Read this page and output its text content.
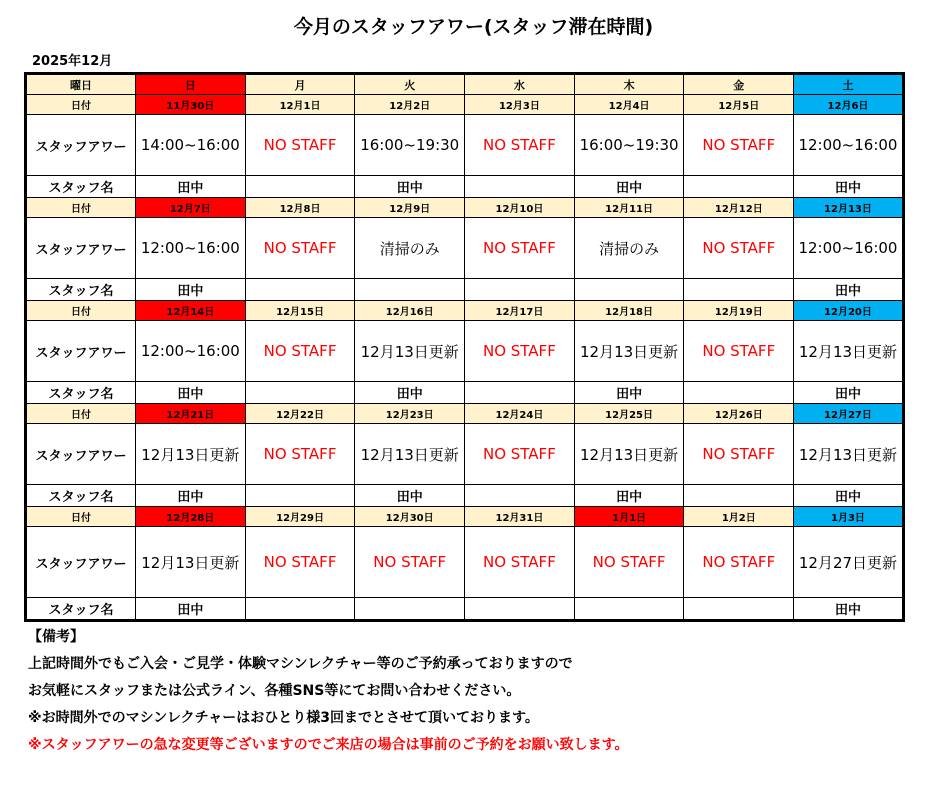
今月のスタッフアワー(スタッフ滞在時間)
2025年12月
曜日	日	月	火	水	木	金	土
日付	11月30日	12月1日	12月2日	12月3日	12月4日	12月5日	12月6日
スタッフアワー	14:00~16:00	NO STAFF	16:00~19:30	NO STAFF	16:00~19:30	NO STAFF	12:00~16:00
スタッフ名	田中		田中		田中		田中
日付	12月7日	12月8日	12月9日	12月10日	12月11日	12月12日	12月13日
スタッフアワー	12:00~16:00	NO STAFF	清掃のみ	NO STAFF	清掃のみ	NO STAFF	12:00~16:00
スタッフ名	田中						田中
日付	12月14日	12月15日	12月16日	12月17日	12月18日	12月19日	12月20日
スタッフアワー	12:00~16:00	NO STAFF	12月13日更新	NO STAFF	12月13日更新	NO STAFF	12月13日更新
スタッフ名	田中		田中		田中		田中
日付	12月21日	12月22日	12月23日	12月24日	12月25日	12月26日	12月27日
スタッフアワー	12月13日更新	NO STAFF	12月13日更新	NO STAFF	12月13日更新	NO STAFF	12月13日更新
スタッフ名	田中		田中		田中		田中
日付	12月28日	12月29日	12月30日	12月31日	1月1日	1月2日	1月3日
スタッフアワー	12月13日更新	NO STAFF	NO STAFF	NO STAFF	NO STAFF	NO STAFF	12月27日更新
スタッフ名	田中						田中
【備考】
上記時間外でもご入会・ご見学・体験マシンレクチャー等のご予約承っておりますので
お気軽にスタッフまたは公式ライン、各種SNS等にてお問い合わせください。
※お時間外でのマシンレクチャーはおひとり様3回までとさせて頂いております。
※スタッフアワーの急な変更等ございますのでご来店の場合は事前のご予約をお願い致します。
